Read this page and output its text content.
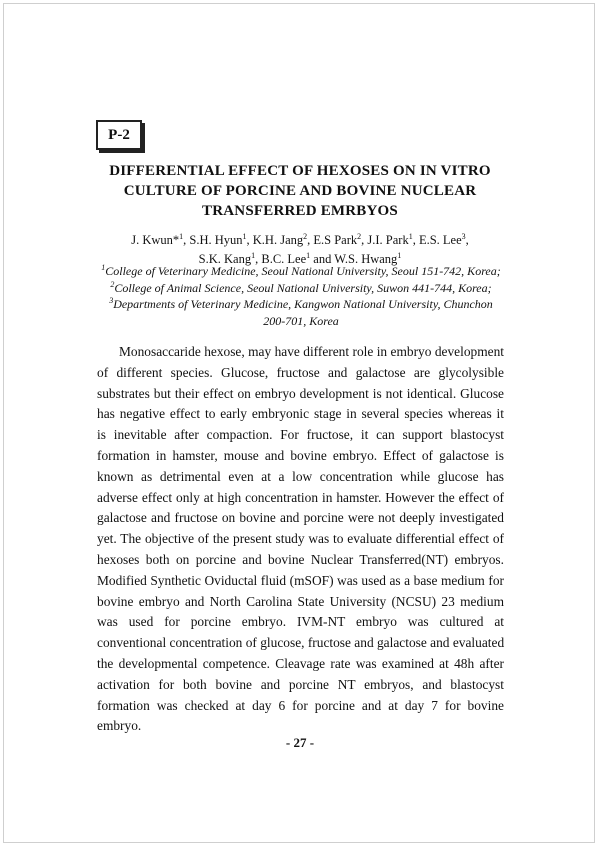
P-2
DIFFERENTIAL EFFECT OF HEXOSES ON IN VITRO
CULTURE OF PORCINE AND BOVINE NUCLEAR
TRANSFERRED EMRBYOS
J. Kwun*$^1$, S.H. Hyun$^1$, K.H. Jang$^2$, E.S Park$^2$, J.I. Park$^1$, E.S. Lee$^3$,
S.K. Kang$^1$, B.C. Lee$^1$ and W.S. Hwang$^1$
$^1$College of Veterinary Medicine, Seoul National University, Seoul 151-742, Korea;
$^2$College of Animal Science, Seoul National University, Suwon 441-744, Korea;
$^3$Departments of Veterinary Medicine, Kangwon National University, Chunchon
200-701, Korea
Monosaccaride hexose, may have different role in embryo development
of different species. Glucose, fructose and galactose are glycolysible
substrates but their effect on embryo development is not identical. Glucose
has negative effect to early embryonic stage in several species whereas it
is inevitable after compaction. For fructose, it can support blastocyst
formation in hamster, mouse and bovine embryo. Effect of galactose is
known as detrimental even at a low concentration while glucose has
adverse effect only at high concentration in hamster. However the effect of
galactose and fructose on bovine and porcine were not deeply investigated
yet. The objective of the present study was to evaluate differential effect of
hexoses both on porcine and bovine Nuclear Transferred(NT) embryos.
Modified Synthetic Oviductal fluid (mSOF) was used as a base medium for
bovine embryo and North Carolina State University (NCSU) 23 medium
was used for porcine embryo. IVM-NT embryo was cultured at
conventional concentration of glucose, fructose and galactose and evaluated
the developmental competence. Cleavage rate was examined at 48h after
activation for both bovine and porcine NT embryos, and blastocyst
formation was checked at day 6 for porcine and at day 7 for bovine
embryo.
- 27 -
